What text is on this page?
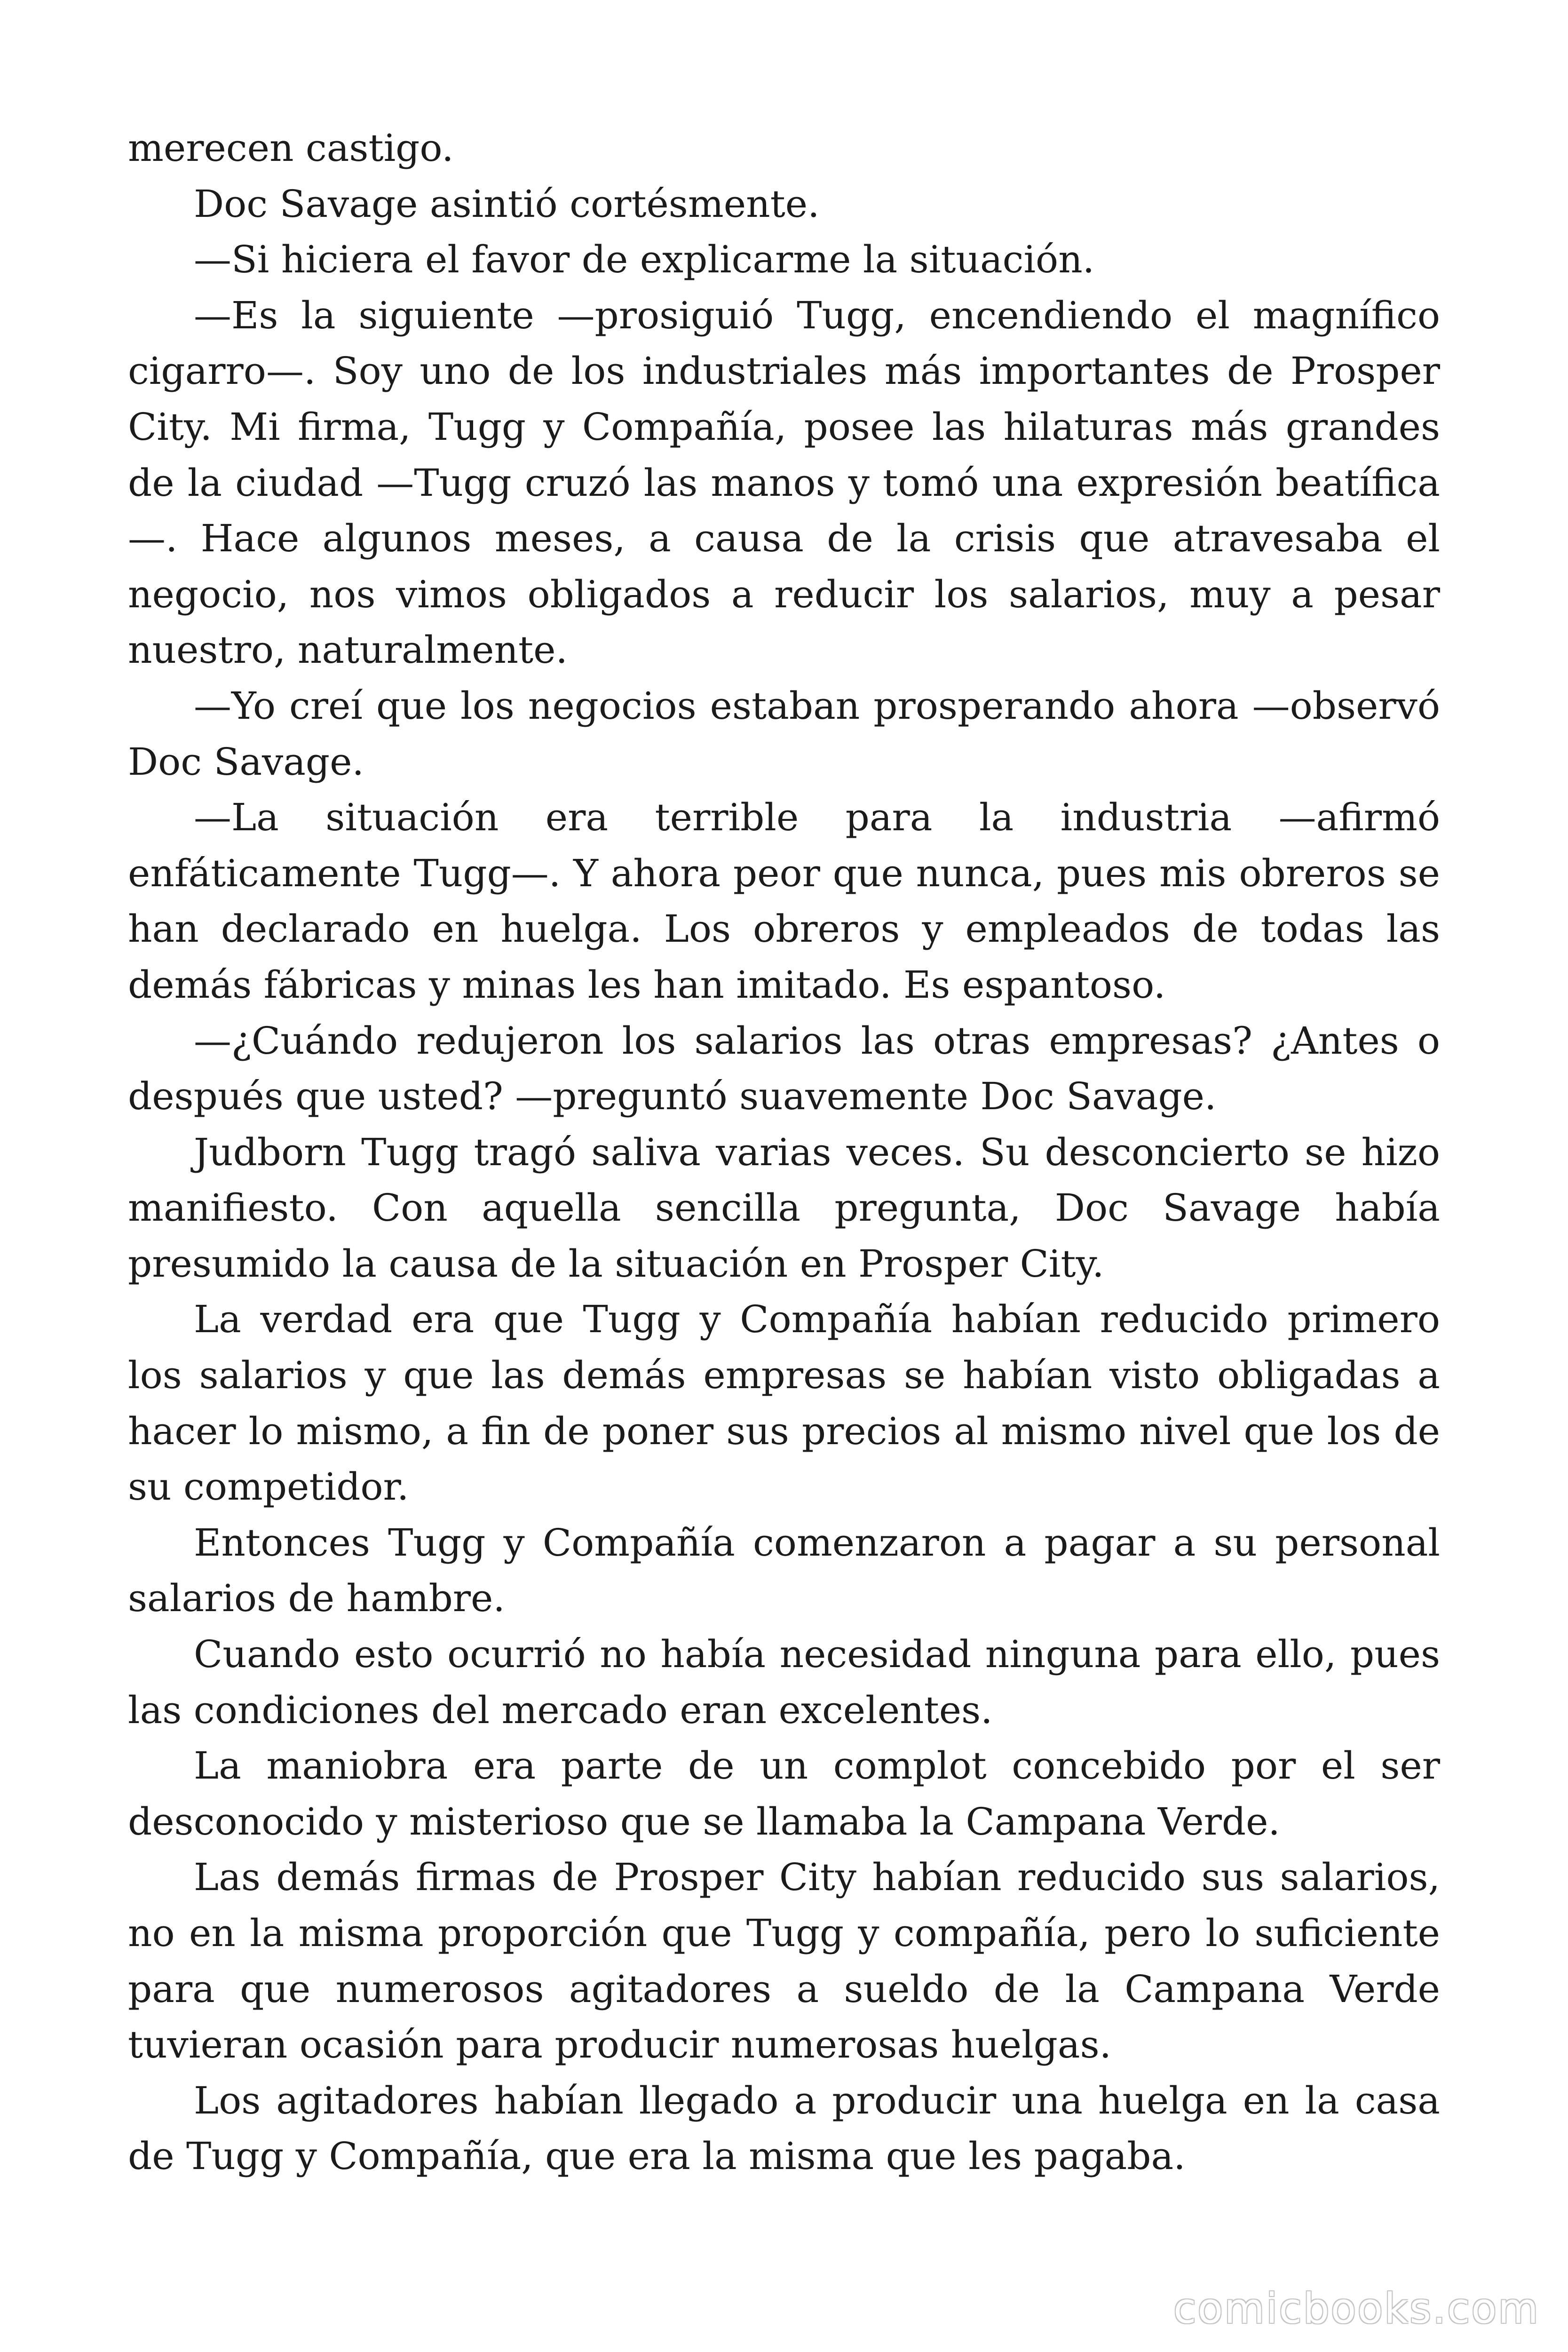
merecen castigo.

Doc Savage asintió cortésmente.

—Si hiciera el favor de explicarme la situación.

—Es la siguiente —prosiguió Tugg, encendiendo el magnífico cigarro—. Soy uno de los industriales más importantes de Prosper City. Mi firma, Tugg y Compañía, posee las hilaturas más grandes de la ciudad —Tugg cruzó las manos y tomó una expresión beatífica —. Hace algunos meses, a causa de la crisis que atravesaba el negocio, nos vimos obligados a reducir los salarios, muy a pesar nuestro, naturalmente.

—Yo creí que los negocios estaban prosperando ahora —observó Doc Savage.

—La situación era terrible para la industria —afirmó enfáticamente Tugg—. Y ahora peor que nunca, pues mis obreros se han declarado en huelga. Los obreros y empleados de todas las demás fábricas y minas les han imitado. Es espantoso.

—¿Cuándo redujeron los salarios las otras empresas? ¿Antes o después que usted? —preguntó suavemente Doc Savage.

Judborn Tugg tragó saliva varias veces. Su desconcierto se hizo manifiesto. Con aquella sencilla pregunta, Doc Savage había presumido la causa de la situación en Prosper City.

La verdad era que Tugg y Compañía habían reducido primero los salarios y que las demás empresas se habían visto obligadas a hacer lo mismo, a fin de poner sus precios al mismo nivel que los de su competidor.

Entonces Tugg y Compañía comenzaron a pagar a su personal salarios de hambre.

Cuando esto ocurrió no había necesidad ninguna para ello, pues las condiciones del mercado eran excelentes.

La maniobra era parte de un complot concebido por el ser desconocido y misterioso que se llamaba la Campana Verde.

Las demás firmas de Prosper City habían reducido sus salarios, no en la misma proporción que Tugg y compañía, pero lo suficiente para que numerosos agitadores a sueldo de la Campana Verde tuvieran ocasión para producir numerosas huelgas.

Los agitadores habían llegado a producir una huelga en la casa de Tugg y Compañía, que era la misma que les pagaba.

comicbooks.com
